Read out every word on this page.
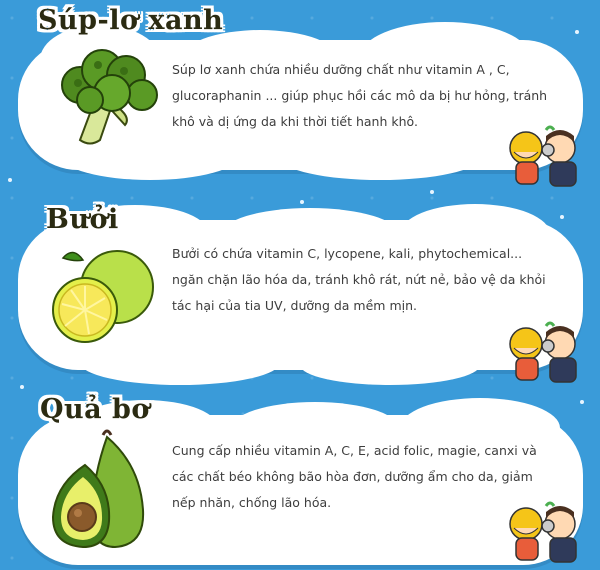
Súp-lơ xanh
Súp lơ xanh chứa nhiều dưỡng chất như vitamin A , C, glucoraphanin ... giúp phục hồi các mô da bị hư hỏng, tránh khô và dị ứng da khi thời tiết hanh khô.
Bưởi
Bưởi có chứa vitamin C, lycopene, kali, phytochemical... ngăn chặn lão hóa da, tránh khô rát, nứt nẻ, bảo vệ da khỏi tác hại của tia UV, dưỡng da mềm mịn.
Quả bơ
Cung cấp nhiều vitamin A, C, E, acid folic, magie, canxi và các chất béo không bão hòa đơn, dưỡng ẩm cho da, giảm nếp nhăn, chống lão hóa.
